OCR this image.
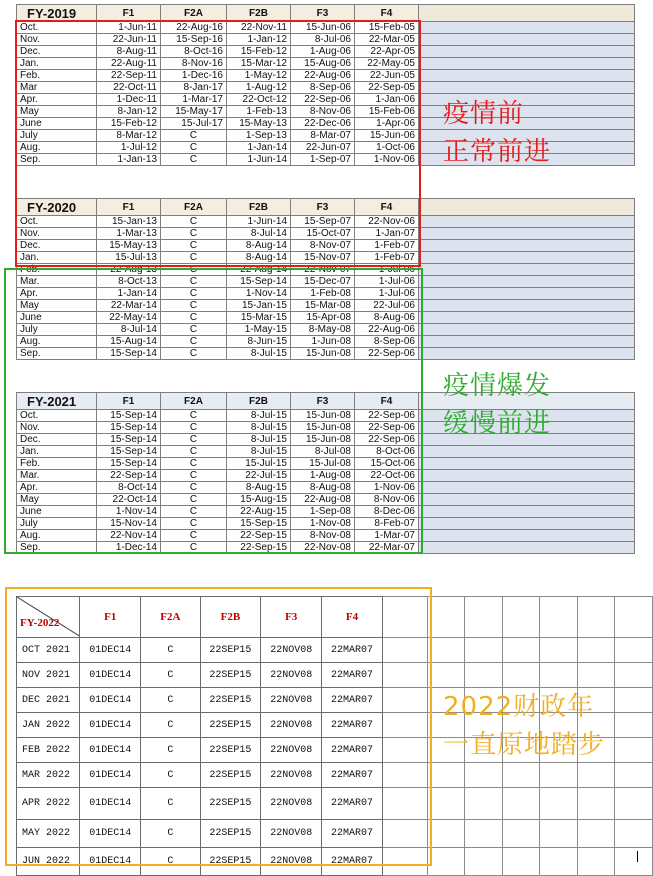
FY-2019	F1	F2A	F2B	F3	F4	
Oct.	1-Jun-11	22-Aug-16	22-Nov-11	15-Jun-06	15-Feb-05	
Nov.	22-Jun-11	15-Sep-16	1-Jan-12	8-Jul-06	22-Mar-05	
Dec.	8-Aug-11	8-Oct-16	15-Feb-12	1-Aug-06	22-Apr-05	
Jan.	22-Aug-11	8-Nov-16	15-Mar-12	15-Aug-06	22-May-05	
Feb.	22-Sep-11	1-Dec-16	1-May-12	22-Aug-06	22-Jun-05	
Mar	22-Oct-11	8-Jan-17	1-Aug-12	8-Sep-06	22-Sep-05	
Apr.	1-Dec-11	1-Mar-17	22-Oct-12	22-Sep-06	1-Jan-06	
May	8-Jan-12	15-May-17	1-Feb-13	8-Nov-06	15-Feb-06	
June	15-Feb-12	15-Jul-17	15-May-13	22-Dec-06	1-Apr-06	
July	8-Mar-12	C	1-Sep-13	8-Mar-07	15-Jun-06	
Aug.	1-Jul-12	C	1-Jan-14	22-Jun-07	1-Oct-06	
Sep.	1-Jan-13	C	1-Jun-14	1-Sep-07	1-Nov-06	
FY-2020	F1	F2A	F2B	F3	F4	
Oct.	15-Jan-13	C	1-Jun-14	15-Sep-07	22-Nov-06	
Nov.	1-Mar-13	C	8-Jul-14	15-Oct-07	1-Jan-07	
Dec.	15-May-13	C	8-Aug-14	8-Nov-07	1-Feb-07	
Jan.	15-Jul-13	C	8-Aug-14	15-Nov-07	1-Feb-07	
Feb.	22-Aug-13	C	22-Aug-14	22-Nov-07	1-Jul-06	
Mar.	8-Oct-13	C	15-Sep-14	15-Dec-07	1-Jul-06	
Apr.	1-Jan-14	C	1-Nov-14	1-Feb-08	1-Jul-06	
May	22-Mar-14	C	15-Jan-15	15-Mar-08	22-Jul-06	
June	22-May-14	C	15-Mar-15	15-Apr-08	8-Aug-06	
July	8-Jul-14	C	1-May-15	8-May-08	22-Aug-06	
Aug.	15-Aug-14	C	8-Jun-15	1-Jun-08	8-Sep-06	
Sep.	15-Sep-14	C	8-Jul-15	15-Jun-08	22-Sep-06	
FY-2021	F1	F2A	F2B	F3	F4	
Oct.	15-Sep-14	C	8-Jul-15	15-Jun-08	22-Sep-06	
Nov.	15-Sep-14	C	8-Jul-15	15-Jun-08	22-Sep-06	
Dec.	15-Sep-14	C	8-Jul-15	15-Jun-08	22-Sep-06	
Jan.	15-Sep-14	C	8-Jul-15	8-Jul-08	8-Oct-06	
Feb.	15-Sep-14	C	15-Jul-15	15-Jul-08	15-Oct-06	
Mar.	22-Sep-14	C	22-Jul-15	1-Aug-08	22-Oct-06	
Apr.	8-Oct-14	C	8-Aug-15	8-Aug-08	1-Nov-06	
May	22-Oct-14	C	15-Aug-15	22-Aug-08	8-Nov-06	
June	1-Nov-14	C	22-Aug-15	1-Sep-08	8-Dec-06	
July	15-Nov-14	C	15-Sep-15	1-Nov-08	8-Feb-07	
Aug.	22-Nov-14	C	22-Sep-15	8-Nov-08	1-Mar-07	
Sep.	1-Dec-14	C	22-Sep-15	22-Nov-08	22-Mar-07	
FY-2022	F1	F2A	F2B	F3	F4							
OCT 2021	01DEC14	C	22SEP15	22NOV08	22MAR07							
NOV 2021	01DEC14	C	22SEP15	22NOV08	22MAR07							
DEC 2021	01DEC14	C	22SEP15	22NOV08	22MAR07							
JAN 2022	01DEC14	C	22SEP15	22NOV08	22MAR07							
FEB 2022	01DEC14	C	22SEP15	22NOV08	22MAR07							
MAR 2022	01DEC14	C	22SEP15	22NOV08	22MAR07							
APR 2022	01DEC14	C	22SEP15	22NOV08	22MAR07							
MAY 2022	01DEC14	C	22SEP15	22NOV08	22MAR07							
JUN 2022	01DEC14	C	22SEP15	22NOV08	22MAR07							
疫情前
正常前进
疫情爆发
缓慢前进
2022财政年
一直原地踏步
